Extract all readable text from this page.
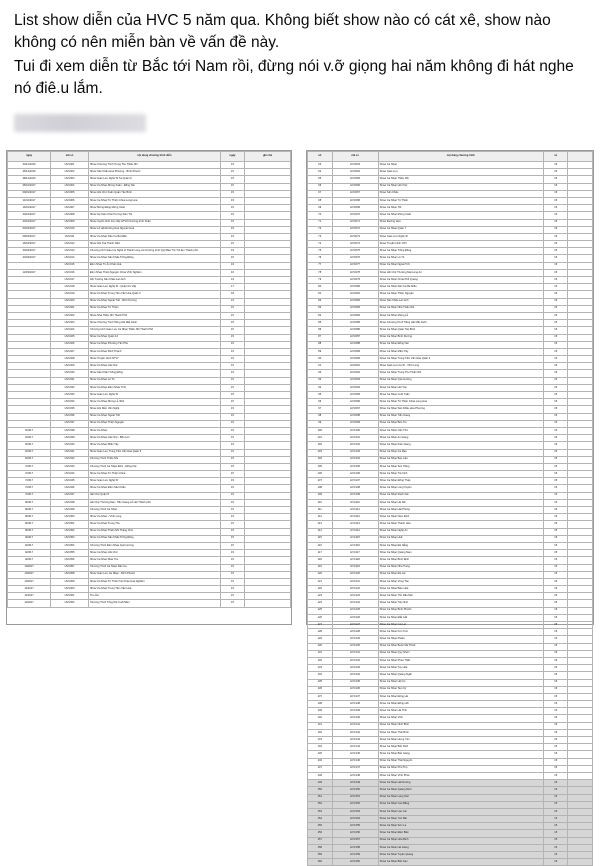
List show diễn của HVC 5 năm qua. Không biết show nào có cát xê, show nào không có nên miễn bàn về vấn đề này.

Tui đi xem diễn từ Bắc tới Nam rồi, đừng nói v.ỡ giọng hai năm không đi hát nghe nó điê.u lắm.

ngày	mã số	nội dung chương trình diễn	ngày	ghi chú
23/12/2016	HVC001	Show Chương Trình Trung Thu Thiếu Nhi	15	
25/12/2016	HVC002	Show Sân Khấu Hoa Phượng - Bình Phước	15	
28/12/2016	HVC003	Show Giao Lưu Nghệ Sĩ Tại Quận 9	15	
05/01/2017	HVC004	Show Ca Nhạc Mừng Xuân - Đồng Nai	15	
09/01/2017	HVC005	Show Hội Chợ Xuân Quận Tân Bình	15	
11/01/2017	HVC006	Show Ca Nhạc Từ Thiện Chùa Long Hoa	15	
16/01/2017	HVC007	Show Mừng Đảng Mừng Xuân	15	
20/01/2017	HVC008	Show Sự Kiện Khai Trương Siêu Thị	15	
23/01/2017	HVC009	Show truyền hình trực tiếp HTV9 Chương trình Xuân	15	
03/02/2017	HVC010	Show Lễ Hội Đường Hoa Nguyễn Huệ	15	
08/02/2017	HVC011	Show Ca Nhạc Dân Ca Ba Miền	15	
15/02/2017	HVC012	Show Hội Trại Thanh Niên	15	
20/02/2017	HVC013	Chương trình Giao lưu Nghệ sĩ Thành Long và Chương trình Quỹ Bảo Trợ Trẻ Em Thành phố	19	
24/02/2017	HVC014	Show Ca Nhạc Sân Khấu Trống Đồng	15	
	HVC015	Đêm Nhạc Tri Ân Khán Giả	19	
12/03/2017	HVC016	Đêm Nhạc Thiện Nguyện Chùa Vĩnh Nghiêm	16	
	HVC017	Hội Trường Sân Khấu Lan Anh	19	
	HVC018	Show Giao Lưu Nghệ Sĩ - Quận Gò Vấp	17	
	HVC019	Show Ca Nhạc Trung Tâm Văn Hóa Quận 3	18	
	HVC020	Show Ca Nhạc Ngoài Trời - Bình Dương	21	
	HVC021	Show Ca Nhạc Từ Thiện	15	
	HVC022	Show Nhà Thiếu Nhi Thành Phố	15	
	HVC023	Show Chương Trình Tiếng Hát Mãi Xanh	15	
	HVC024	Chương trình Giao Lưu Ca Nhạc Thiếu Nhi Thành Phố	15	
	HVC025	Show Ca Nhạc Quận 12	15	
	HVC026	Show Ca Nhạc Phường Tân Phú	15	
	HVC027	Show Ca Nhạc Bình Thạnh	15	
	HVC028	Show Truyền Hình HTV7	15	
	HVC029	Show Ca Nhạc Hội Chợ	15	
	HVC030	Show Sân Khấu Trống Đồng	15	
	HVC031	Show Ca Nhạc Lô Tô	15	
	HVC032	Show Ca Nhạc Đêm Nhạc Tình	15	
	HVC033	Show Giao Lưu Nghệ Sĩ	15	
	HVC034	Show Ca Nhạc Mừng Lễ 30/4	15	
	HVC035	Show Hội Diễn Văn Nghệ	15	
	HVC036	Show Ca Nhạc Ngoài Trời	15	
	HVC037	Show Ca Nhạc Thiện Nguyện	15	
6/2017	HVC038	Show Ca Nhạc	15	
6/2017	HVC039	Show Ca Nhạc Hội Chợ - Bến Lức	15	
6/2017	HVC040	Show Ca Nhạc Miền Tây	15	
6/2017	HVC041	Show Giao Lưu Trung Tâm Văn Hóa Quận 5	15	
6/2017	HVC042	Chương Trình Thiếu Nhi	15	
7/2017	HVC043	Chương Trình Ca Nhạc Đêm - Đồng Nai	15	
7/2017	HVC044	Show Ca Nhạc Từ Thiện Chùa	15	
7/2017	HVC045	Show Giao Lưu Nghệ Sĩ	15	
7/2017	HVC046	Show Ca Nhạc Đêm Sân Khấu	15	
7/2017	HVC047	Hội Chợ Quận 8	15	
8/2017	HVC048	Hội Chợ Thương Mại - Tiền Giang Lễ Hội Thành phố	15	
8/2017	HVC049	Chương Trình Ca Nhạc	15	
8/2017	HVC050	Show Ca Nhạc - Vĩnh Long	15	
8/2017	HVC051	Show Ca Nhạc Trung Thu	15	
8/2017	HVC052	Show Ca Nhạc Thiếu Nhi Tháng Chín	15	
9/2017	HVC053	Show Ca Nhạc Sân Khấu Trống Đồng	15	
9/2017	HVC054	Chương Trình Đêm Nhạc Quê Hương	15	
9/2017	HVC055	Show Ca Nhạc Hội Chợ	15	
9/2017	HVC056	Show Ca Nhạc Mùa Thu	15	
10/2017	HVC057	Chương Trình Ca Nhạc Dân Ca	15	
10/2017	HVC058	Show Giao Lưu Ca Nhạc - Bình Phước	15	
10/2017	HVC059	Show Ca Nhạc Từ Thiện Tại Chùa Huệ Nghiêm	15	
11/2017	HVC060	Show Ca Nhạc Trung Tâm Văn Hóa	15	
11/2017	HVC061	Thu Âm	15	
12/2017	HVC062	Chương Trình Tổng Kết Cuối Năm	15	
stt	mã số	nội dung chương trình	số	
63	HVC063	Show Ca Nhạc	15	
64	HVC064	Show Giao Lưu	15	
65	HVC065	Show Ca Nhạc Thiếu Nhi	15	
66	HVC066	Show Ca Nhạc Hội Chợ	15	
67	HVC067	Show Sân Khấu	15	
68	HVC068	Show Ca Nhạc Từ Thiện	15	
69	HVC069	Show Ca Nhạc Tết	15	
70	HVC070	Show Ca Nhạc Mừng Xuân	15	
71	HVC071	Show Đường Hoa	15	
72	HVC072	Show Ca Nhạc Quận 7	15	
73	HVC073	Show Giao Lưu Nghệ Sĩ	15	
74	HVC074	Show Truyền Hình HTV	15	
75	HVC075	Show Ca Nhạc Trống Đồng	15	
76	HVC076	Show Ca Nhạc Lô Tô	15	
77	HVC077	Show Ca Nhạc Ngoài Trời	15	
78	HVC078	Show Hội Chợ Thương Mại Long An	15	
79	HVC079	Show Ca Nhạc Chùa Phổ Quang	15	
80	HVC080	Show Ca Nhạc Dân Ca Ba Miền	15	
81	HVC081	Show Ca Nhạc Thiện Nguyện	15	
82	HVC082	Show Sân Khấu Lan Anh	15	
83	HVC083	Show Ca Nhạc Nhà Thiếu Nhi	15	
84	HVC084	Show Ca Nhạc Mừng Lễ	15	
85	HVC085	Show Chương Trình Tiếng Hát Mãi Xanh	15	
86	HVC086	Show Ca Nhạc Quận Tân Bình	15	
87	HVC087	Show Ca Nhạc Bình Dương	15	
88	HVC088	Show Ca Nhạc Đồng Nai	15	
89	HVC089	Show Ca Nhạc Miền Tây	15	
90	HVC090	Show Ca Nhạc Trung Tâm Văn Hóa Quận 3	15	
91	HVC091	Show Giao Lưu Ca Sĩ - Vĩnh Long	15	
92	HVC092	Show Ca Nhạc Trung Thu Thiếu Nhi	15	
93	HVC093	Show Ca Nhạc Quê Hương	15	
94	HVC094	Show Ca Nhạc Hội Trại	15	
95	HVC095	Show Ca Nhạc Cuối Tuần	15	
96	HVC096	Show Ca Nhạc Từ Thiện Chùa Long Hoa	15	
97	HVC097	Show Ca Nhạc Sân Khấu Hoa Phượng	15	
98	HVC098	Show Ca Nhạc Tiền Giang	15	
99	HVC099	Show Ca Nhạc Bến Tre	15	
100	HVC100	Show Ca Nhạc Cần Thơ	15	
101	HVC101	Show Ca Nhạc An Giang	15	
102	HVC102	Show Ca Nhạc Kiên Giang	15	
103	HVC103	Show Ca Nhạc Cà Mau	15	
104	HVC104	Show Ca Nhạc Bạc Liêu	15	
105	HVC105	Show Ca Nhạc Sóc Trăng	15	
106	HVC106	Show Ca Nhạc Trà Vinh	15	
107	HVC107	Show Ca Nhạc Đồng Tháp	15	
108	HVC108	Show Ca Nhạc Long Xuyên	15	
109	HVC109	Show Ca Nhạc Rạch Giá	15	
110	HVC110	Show Ca Nhạc Hà Nội	15	
111	HVC111	Show Ca Nhạc Hải Phòng	15	
112	HVC112	Show Ca Nhạc Nam Định	15	
113	HVC113	Show Ca Nhạc Thanh Hóa	15	
114	HVC114	Show Ca Nhạc Nghệ An	15	
115	HVC115	Show Ca Nhạc Huế	15	
116	HVC116	Show Ca Nhạc Đà Nẵng	15	
117	HVC117	Show Ca Nhạc Quảng Nam	15	
118	HVC118	Show Ca Nhạc Bình Định	15	
119	HVC119	Show Ca Nhạc Nha Trang	15	
120	HVC120	Show Ca Nhạc Đà Lạt	15	
121	HVC121	Show Ca Nhạc Vũng Tàu	15	
122	HVC122	Show Ca Nhạc Biên Hòa	15	
123	HVC123	Show Ca Nhạc Thủ Dầu Một	15	
124	HVC124	Show Ca Nhạc Tây Ninh	15	
125	HVC125	Show Ca Nhạc Bình Phước	15	
126	HVC126	Show Ca Nhạc Đắk Lắk	15	
127	HVC127	Show Ca Nhạc Gia Lai	15	
128	HVC128	Show Ca Nhạc Kon Tum	15	
129	HVC129	Show Ca Nhạc Pleiku	15	
130	HVC130	Show Ca Nhạc Buôn Ma Thuột	15	
131	HVC131	Show Ca Nhạc Quy Nhơn	15	
132	HVC132	Show Ca Nhạc Phan Thiết	15	
133	HVC133	Show Ca Nhạc Tuy Hòa	15	
134	HVC134	Show Ca Nhạc Quảng Ngãi	15	
135	HVC135	Show Ca Nhạc Hội An	15	
136	HVC136	Show Ca Nhạc Tam Kỳ	15	
137	HVC137	Show Ca Nhạc Đông Hà	15	
138	HVC138	Show Ca Nhạc Đồng Hới	15	
139	HVC139	Show Ca Nhạc Hà Tĩnh	15	
140	HVC140	Show Ca Nhạc Vinh	15	
141	HVC141	Show Ca Nhạc Ninh Bình	15	
142	HVC142	Show Ca Nhạc Thái Bình	15	
143	HVC143	Show Ca Nhạc Hưng Yên	15	
144	HVC144	Show Ca Nhạc Bắc Ninh	15	
145	HVC145	Show Ca Nhạc Bắc Giang	15	
146	HVC146	Show Ca Nhạc Thái Nguyên	15	
147	HVC147	Show Ca Nhạc Phú Thọ	15	
148	HVC148	Show Ca Nhạc Vĩnh Phúc	15	
149	HVC149	Show Ca Nhạc Hải Dương	15	
150	HVC150	Show Ca Nhạc Quảng Ninh	15	
151	HVC151	Show Ca Nhạc Lạng Sơn	15	
152	HVC152	Show Ca Nhạc Cao Bằng	15	
153	HVC153	Show Ca Nhạc Lào Cai	15	
154	HVC154	Show Ca Nhạc Yên Bái	15	
155	HVC155	Show Ca Nhạc Sơn La	15	
156	HVC156	Show Ca Nhạc Điện Biên	15	
157	HVC157	Show Ca Nhạc Hòa Bình	15	
158	HVC158	Show Ca Nhạc Hà Giang	15	
159	HVC159	Show Ca Nhạc Tuyên Quang	15	
160	HVC160	Show Ca Nhạc Bắc Kạn	15	
